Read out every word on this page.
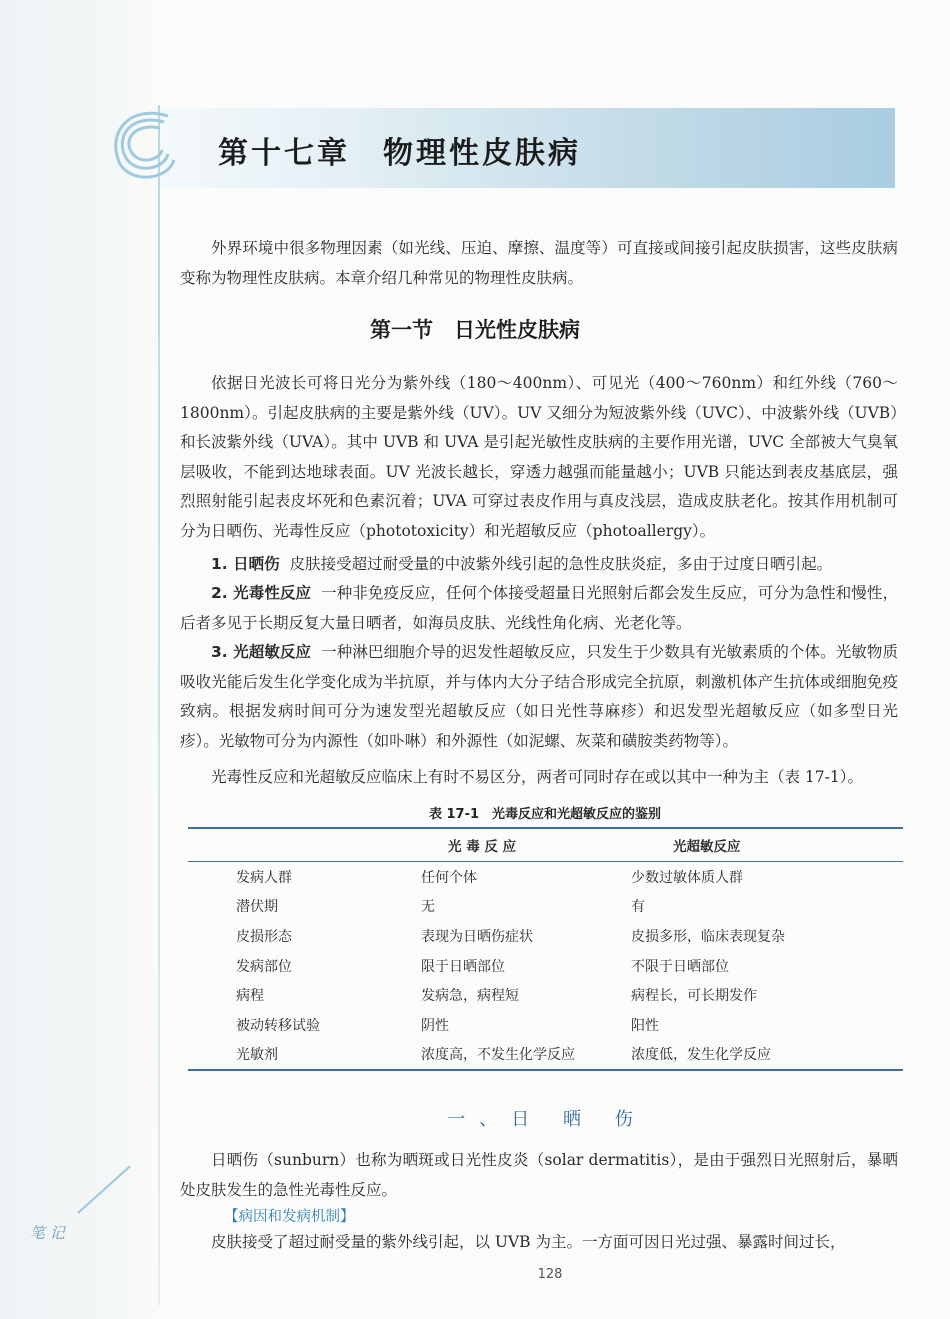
第十七章　物理性皮肤病

外界环境中很多物理因素（如光线、压迫、摩擦、温度等）可直接或间接引起皮肤损害，这些皮肤病变称为物理性皮肤病。本章介绍几种常见的物理性皮肤病。

第一节　日光性皮肤病

依据日光波长可将日光分为紫外线（180～400nm）、可见光（400～760nm）和红外线（760～1800nm）。引起皮肤病的主要是紫外线（UV）。UV 又细分为短波紫外线（UVC）、中波紫外线（UVB）和长波紫外线（UVA）。其中 UVB 和 UVA 是引起光敏性皮肤病的主要作用光谱，UVC 全部被大气臭氧层吸收，不能到达地球表面。UV 光波长越长，穿透力越强而能量越小；UVB 只能达到表皮基底层，强烈照射能引起表皮坏死和色素沉着；UVA 可穿过表皮作用与真皮浅层，造成皮肤老化。按其作用机制可分为日晒伤、光毒性反应（phototoxicity）和光超敏反应（photoallergy）。

1. 日晒伤 皮肤接受超过耐受量的中波紫外线引起的急性皮肤炎症，多由于过度日晒引起。

2. 光毒性反应 一种非免疫反应，任何个体接受超量日光照射后都会发生反应，可分为急性和慢性，后者多见于长期反复大量日晒者，如海员皮肤、光线性角化病、光老化等。

3. 光超敏反应 一种淋巴细胞介导的迟发性超敏反应，只发生于少数具有光敏素质的个体。光敏物质吸收光能后发生化学变化成为半抗原，并与体内大分子结合形成完全抗原，刺激机体产生抗体或细胞免疫致病。根据发病时间可分为速发型光超敏反应（如日光性荨麻疹）和迟发型光超敏反应（如多型日光疹）。光敏物可分为内源性（如卟啉）和外源性（如泥螺、灰菜和磺胺类药物等）。

光毒性反应和光超敏反应临床上有时不易区分，两者可同时存在或以其中一种为主（表 17-1）。

表 17-1　光毒反应和光超敏反应的鉴别
	光 毒 反 应	光超敏反应
发病人群	任何个体	少数过敏体质人群
潜伏期	无	有
皮损形态	表现为日晒伤症状	皮损多形，临床表现复杂
发病部位	限于日晒部位	不限于日晒部位
病程	发病急，病程短	病程长，可长期发作
被动转移试验	阴性	阳性
光敏剂	浓度高，不发生化学反应	浓度低，发生化学反应
一、日 晒 伤

日晒伤（sunburn）也称为晒斑或日光性皮炎（solar dermatitis），是由于强烈日光照射后，暴晒处皮肤发生的急性光毒性反应。

【病因和发病机制】

皮肤接受了超过耐受量的紫外线引起，以 UVB 为主。一方面可因日光过强、暴露时间过长，

笔 记
128
